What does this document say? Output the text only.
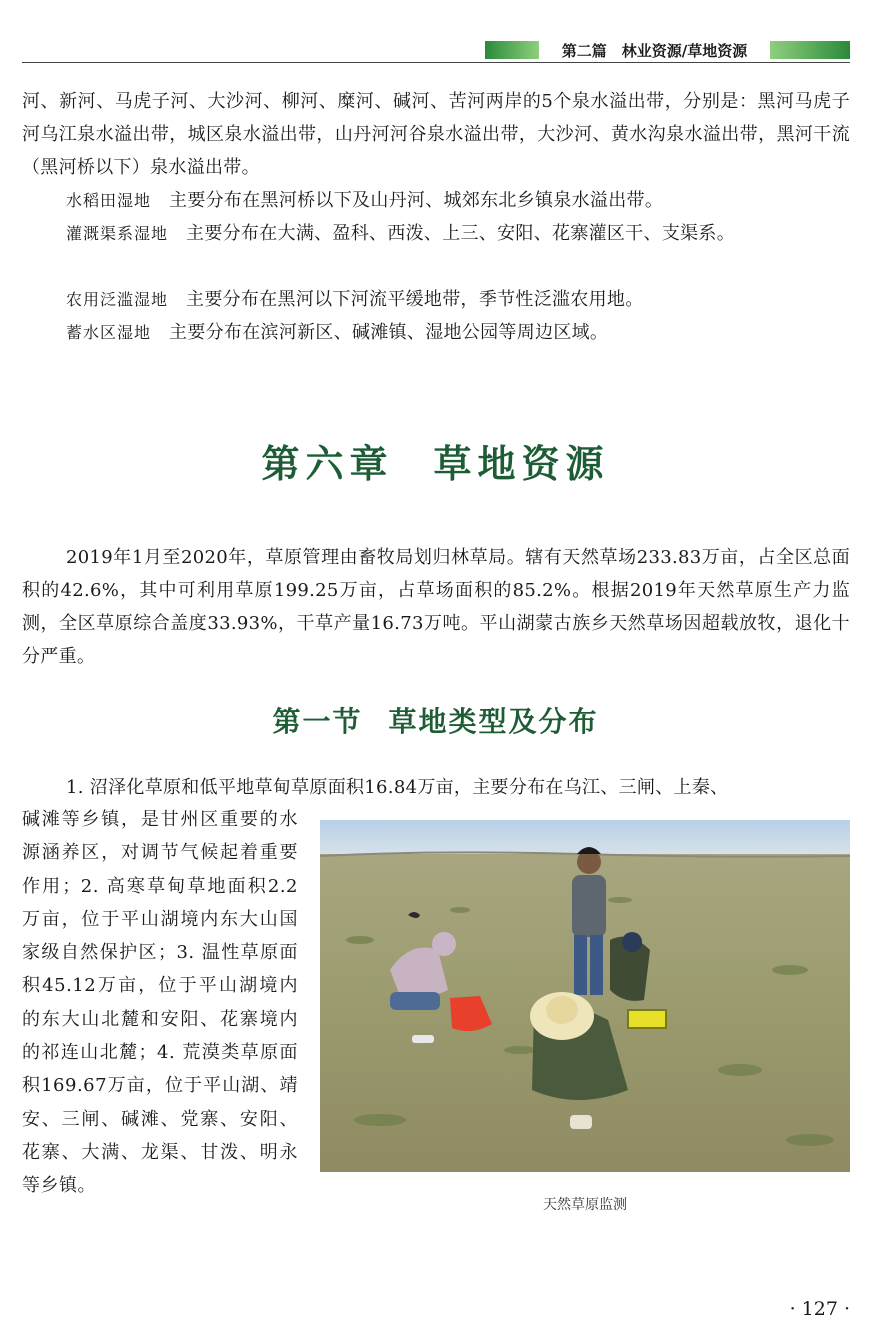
第二篇　林业资源/草地资源

河、新河、马虎子河、大沙河、柳河、糜河、碱河、苦河两岸的5个泉水溢出带，分别是：黑河马虎子河乌江泉水溢出带，城区泉水溢出带，山丹河河谷泉水溢出带，大沙河、黄水沟泉水溢出带，黑河干流（黑河桥以下）泉水溢出带。

水稻田湿地 主要分布在黑河桥以下及山丹河、城郊东北乡镇泉水溢出带。

灌溉渠系湿地 主要分布在大满、盈科、西泼、上三、安阳、花寨灌区干、支渠系。

农用泛滥湿地 主要分布在黑河以下河流平缓地带，季节性泛滥农用地。

蓄水区湿地 主要分布在滨河新区、碱滩镇、湿地公园等周边区域。

第六章 草地资源

2019年1月至2020年，草原管理由畜牧局划归林草局。辖有天然草场233.83万亩，占全区总面积的42.6%，其中可利用草原199.25万亩，占草场面积的85.2%。根据2019年天然草原生产力监测，全区草原综合盖度33.93%，干草产量16.73万吨。平山湖蒙古族乡天然草场因超载放牧，退化十分严重。

第一节 草地类型及分布

1. 沼泽化草原和低平地草甸草原面积16.84万亩，主要分布在乌江、三闸、上秦、

碱滩等乡镇，是甘州区重要的水源涵养区，对调节气候起着重要作用；2. 高寒草甸草地面积2.2万亩，位于平山湖境内东大山国家级自然保护区；3. 温性草原面积45.12万亩，位于平山湖境内的东大山北麓和安阳、花寨境内的祁连山北麓；4. 荒漠类草原面积169.67万亩，位于平山湖、靖安、三闸、碱滩、党寨、安阳、花寨、大满、龙渠、甘泼、明永等乡镇。

天然草原监测
· 127 ·
